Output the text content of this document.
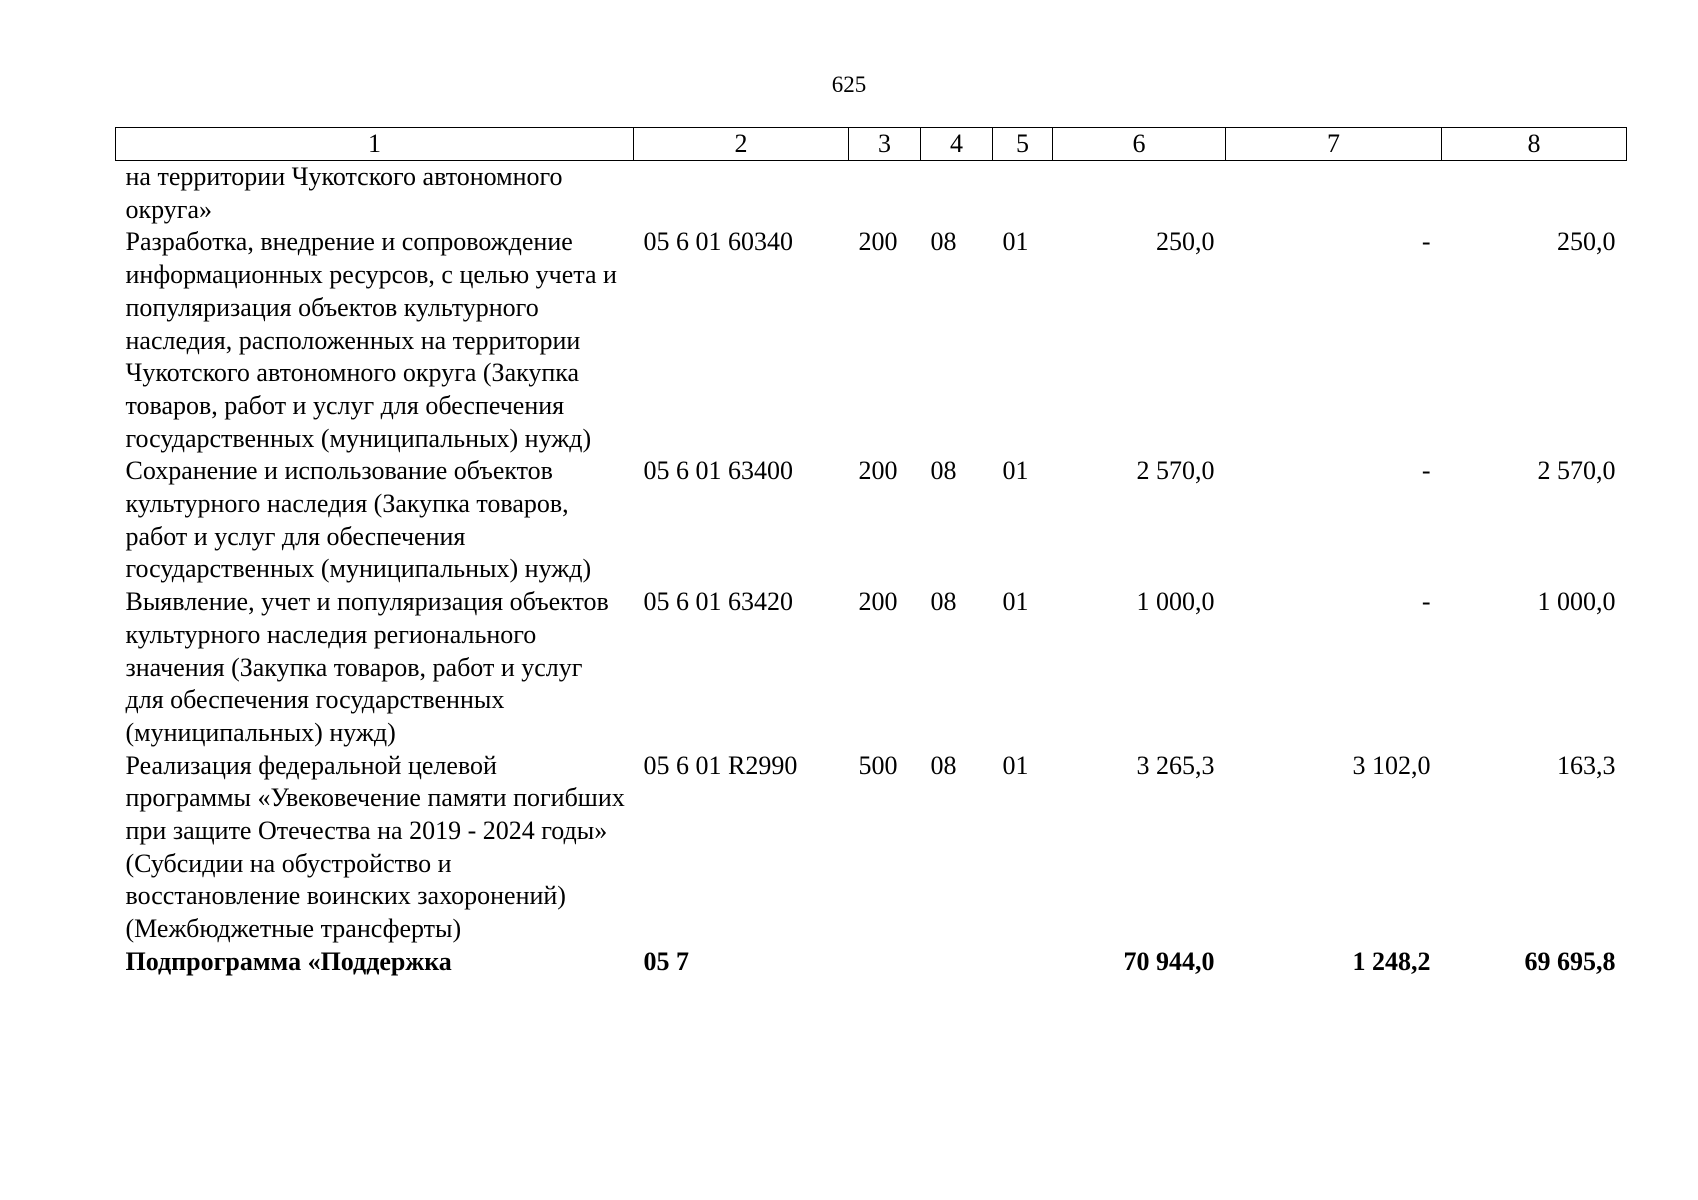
625
1	2	3	4	5	6	7	8
на территории Чукотского автономного округа»							
Разработка, внедрение и сопровождение информационных ресурсов, с целью учета и популяризация объектов культурного наследия, расположенных на территории Чукотского автономного округа (Закупка товаров, работ и услуг для обеспечения государственных (муниципальных) нужд)	05 6 01 60340	200	08	01	250,0	-	250,0
Сохранение и использование объектов культурного наследия (Закупка товаров, работ и услуг для обеспечения государственных (муниципальных) нужд)	05 6 01 63400	200	08	01	2 570,0	-	2 570,0
Выявление, учет и популяризация объектов культурного наследия регионального значения (Закупка товаров, работ и услуг для обеспечения государственных (муниципальных) нужд)	05 6 01 63420	200	08	01	1 000,0	-	1 000,0
Реализация федеральной целевой программы «Увековечение памяти погибших при защите Отечества на 2019 - 2024 годы» (Субсидии на обустройство и восстановление воинских захоронений) (Межбюджетные трансферты)	05 6 01 R2990	500	08	01	3 265,3	3 102,0	163,3
Подпрограмма «Поддержка	05 7				70 944,0	1 248,2	69 695,8
